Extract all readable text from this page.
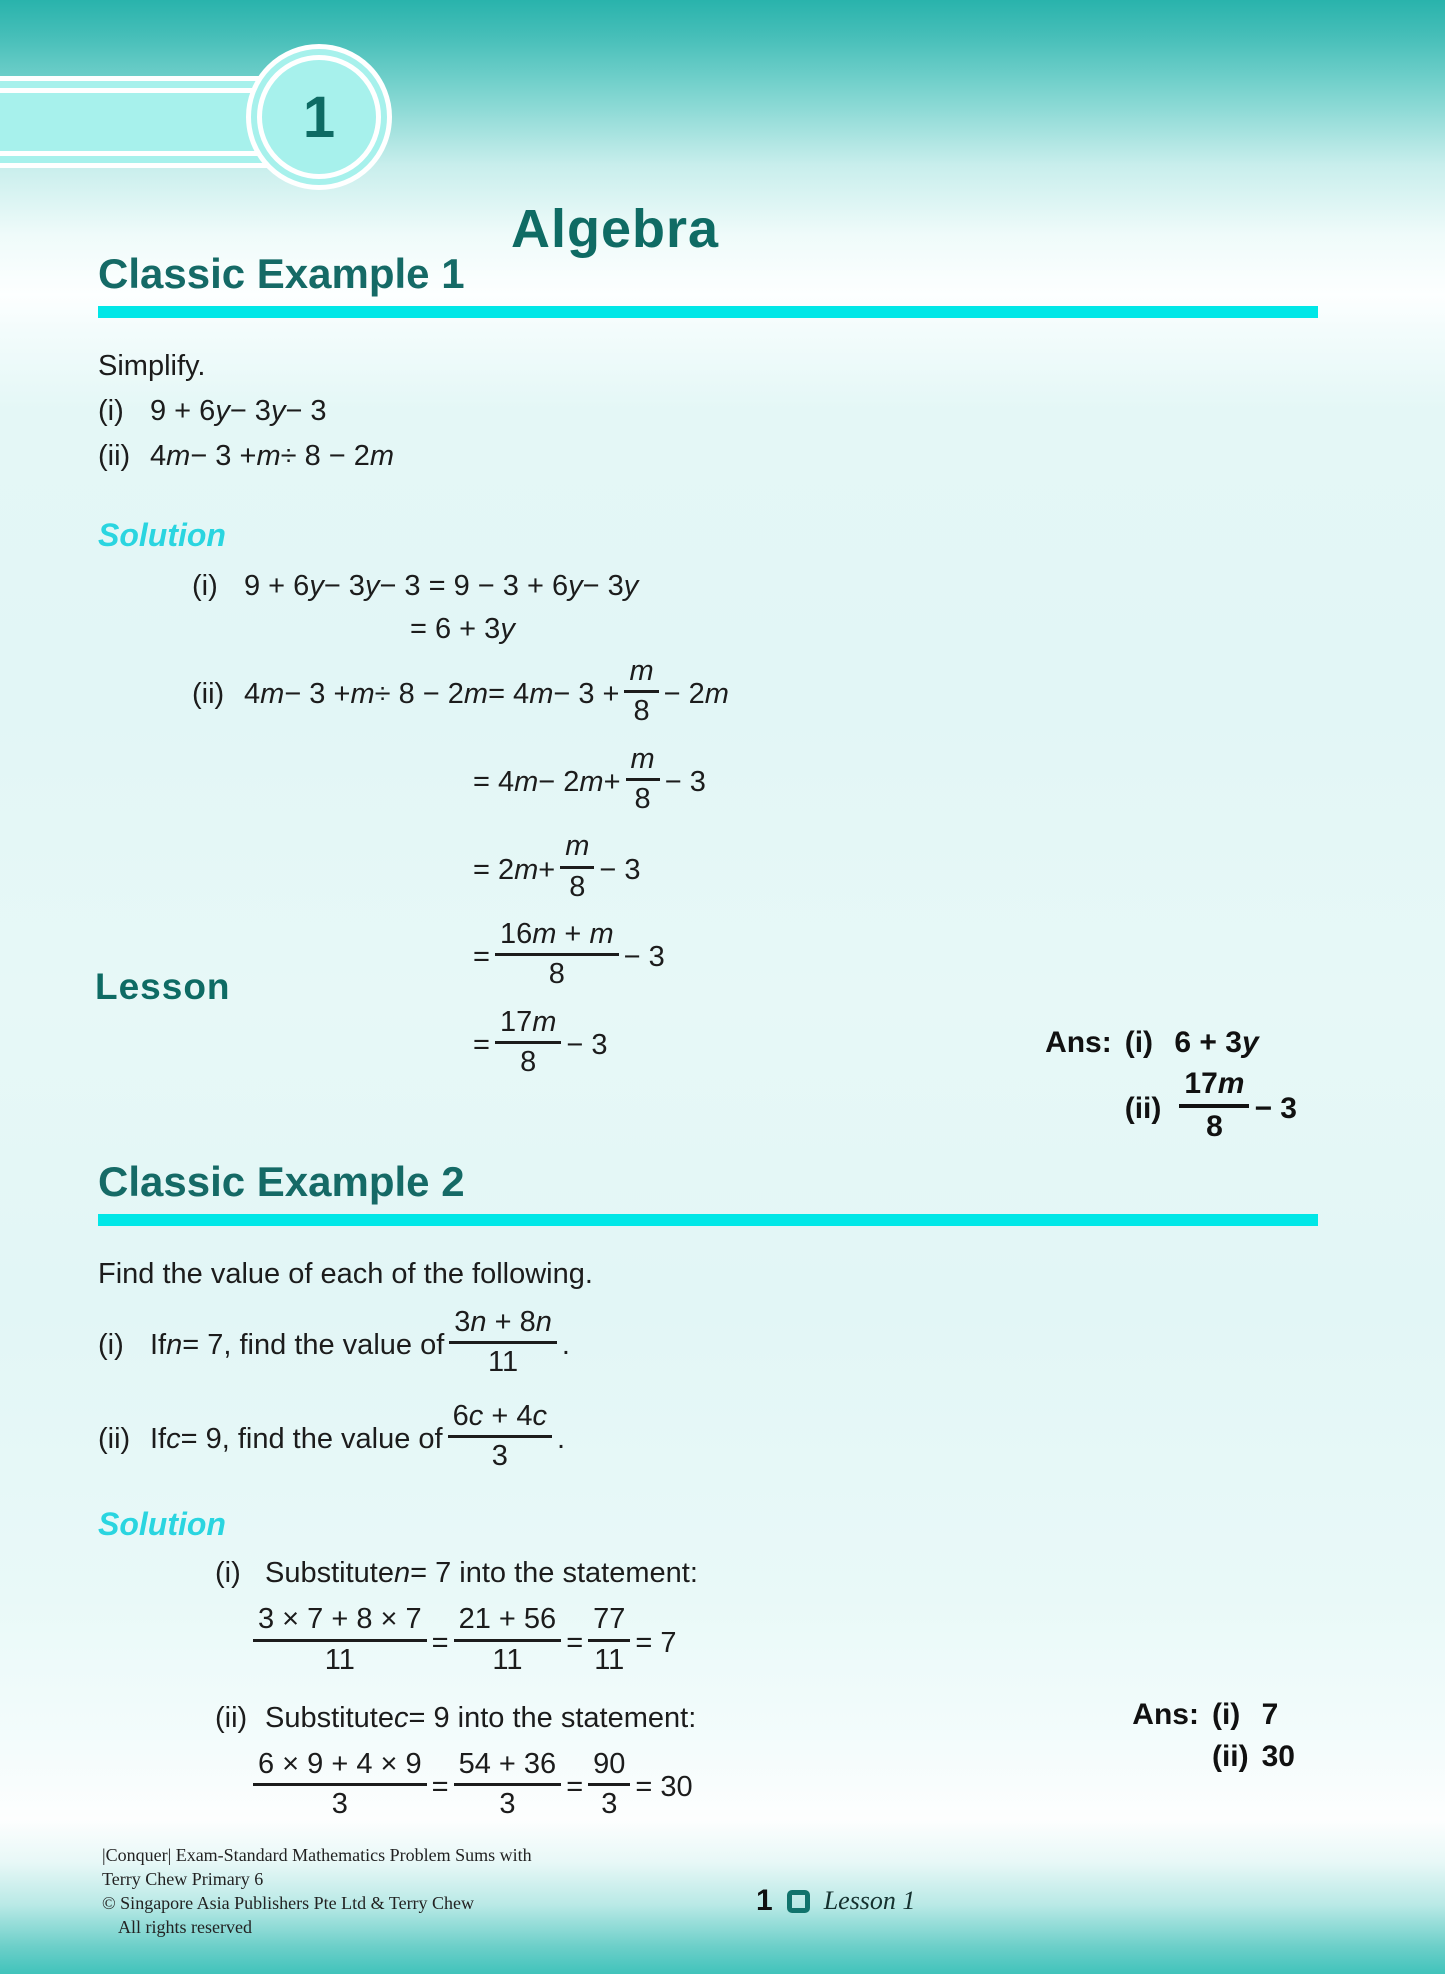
Lesson
1
Algebra
Classic Example 1
Simplify.
(i) 9 + 6 y − 3 y − 3
(ii) 4 m − 3 + m ÷ 8 − 2 m
Solution
(i) 9 + 6 y − 3 y − 3 = 9 − 3 + 6 y − 3 y
= 6 + 3 y
(ii) 4 m − 3 + m ÷ 8 − 2 m = 4 $m - 3 + \frac{m}{8} - 2$ m
= 4 m − 2 $m + \frac{m}{8} - 3$
= 2 $m + \frac{m}{8} - 3$
= $\frac{16m + m}{8} - 3$
= $\frac{17m}{8} - 3$	Ans: (i) 6 + 3 y
$(ii) \frac{17m}{8} - 3$
Classic Example 2
Find the value of each of the following.
(i) If n = 7, find the value of $\frac{3n + 8n}{11}$ .
(ii) If c = 9, find the value of $\frac{6c + 4c}{3}$ .
Solution
(i) Substitute n = 7 into the statement:
$\frac{3 \times 7 + 8 \times 7}{11} = \frac{21 + 56}{11} = \frac{77}{11} = 7$
(ii) Substitute c = 9 into the statement:
$\frac{6 \times 9 + 4 \times 9}{3} = \frac{54 + 36}{3} = \frac{90}{3} = 30$
Ans: (i) 7
(ii) 30
|Conquer| Exam-Standard Mathematics Problem Sums with
Terry Chew Primary 6
© Singapore Asia Publishers Pte Ltd & Terry Chew
All rights reserved
1 Lesson 1
